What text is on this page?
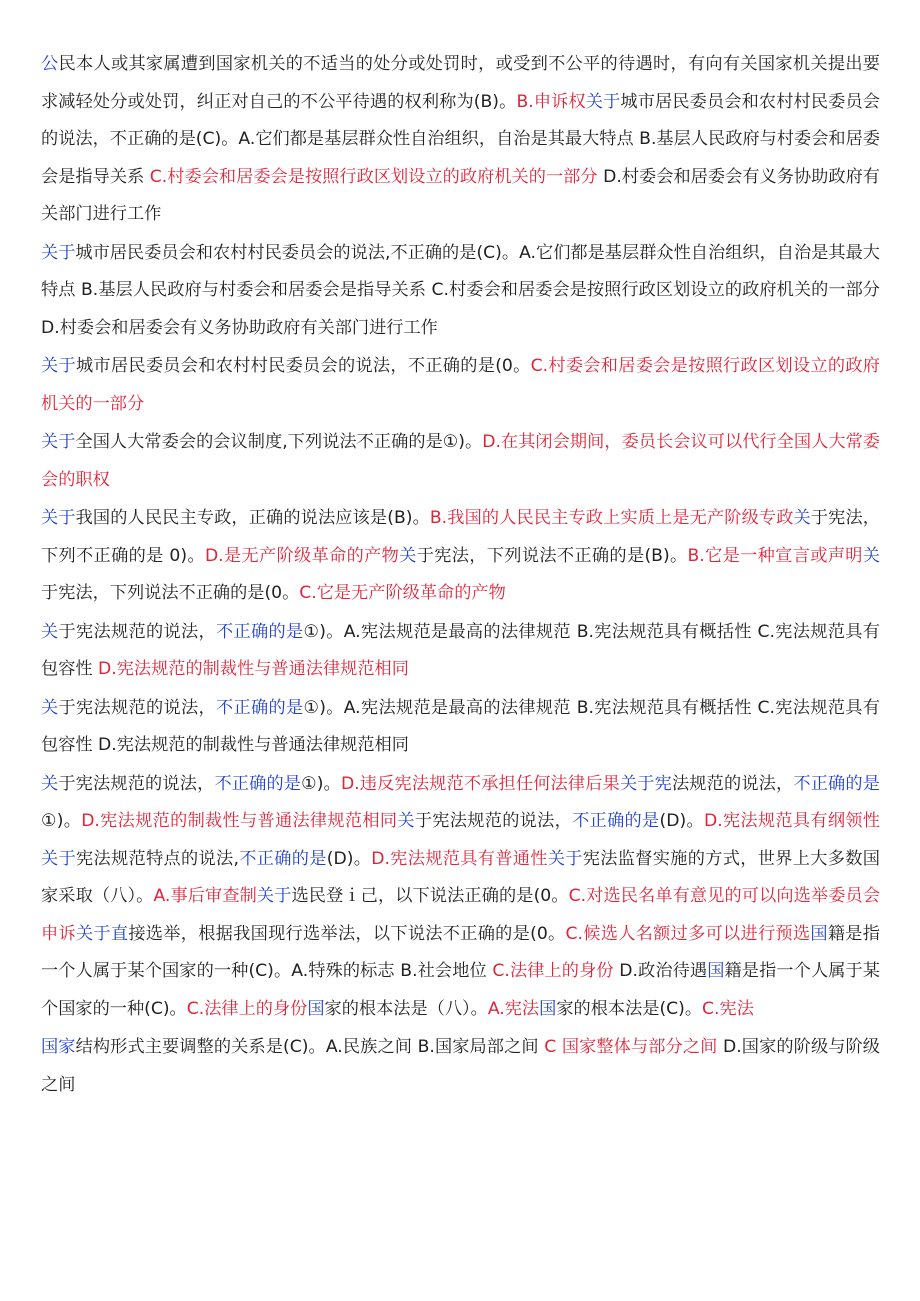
公民本人或其家属遭到国家机关的不适当的处分或处罚时，或受到不公平的待遇时，有向有关国家机关提出要求减轻处分或处罚，纠正对自己的不公平待遇的权利称为(B)。B.申诉权关于城市居民委员会和农村村民委员会的说法，不正确的是(C)。A.它们都是基层群众性自治组织，自治是其最大特点 B.基层人民政府与村委会和居委会是指导关系 C.村委会和居委会是按照行政区划设立的政府机关的一部分 D.村委会和居委会有义务协助政府有关部门进行工作

关于城市居民委员会和农村村民委员会的说法,不正确的是(C)。A.它们都是基层群众性自治组织，自治是其最大特点 B.基层人民政府与村委会和居委会是指导关系 C.村委会和居委会是按照行政区划设立的政府机关的一部分 D.村委会和居委会有义务协助政府有关部门进行工作

关于城市居民委员会和农村村民委员会的说法，不正确的是(0。C.村委会和居委会是按照行政区划设立的政府机关的一部分

关于全国人大常委会的会议制度,下列说法不正确的是①)。D.在其闭会期间，委员长会议可以代行全国人大常委会的职权

关于我国的人民民主专政，正确的说法应该是(B)。B.我国的人民民主专政上实质上是无产阶级专政关于宪法，下列不正确的是 0)。D.是无产阶级革命的产物关于宪法，下列说法不正确的是(B)。B.它是一种宣言或声明关于宪法，下列说法不正确的是(0。C.它是无产阶级革命的产物

关于宪法规范的说法，不正确的是①)。A.宪法规范是最高的法律规范 B.宪法规范具有概括性 C.宪法规范具有包容性 D.宪法规范的制裁性与普通法律规范相同

关于宪法规范的说法，不正确的是①)。A.宪法规范是最高的法律规范 B.宪法规范具有概括性 C.宪法规范具有包容性 D.宪法规范的制裁性与普通法律规范相同

关于宪法规范的说法，不正确的是①)。D.违反宪法规范不承担任何法律后果关于宪法规范的说法，不正确的是①)。D.宪法规范的制裁性与普通法律规范相同关于宪法规范的说法，不正确的是(D)。D.宪法规范具有纲领性关于宪法规范特点的说法,不正确的是(D)。D.宪法规范具有普通性关于宪法监督实施的方式，世界上大多数国家采取（八）。A.事后审查制关于选民登ｉ己，以下说法正确的是(0。C.对选民名单有意见的可以向选举委员会申诉关于直接选举，根据我国现行选举法，以下说法不正确的是(0。C.候选人名额过多可以进行预选国籍是指一个人属于某个国家的一种(C)。A.特殊的标志 B.社会地位 C.法律上的身份 D.政治待遇国籍是指一个人属于某个国家的一种(C)。C.法律上的身份国家的根本法是（八）。A.宪法国家的根本法是(C)。C.宪法

国家结构形式主要调整的关系是(C)。A.民族之间 B.国家局部之间 C 国家整体与部分之间 D.国家的阶级与阶级之间
